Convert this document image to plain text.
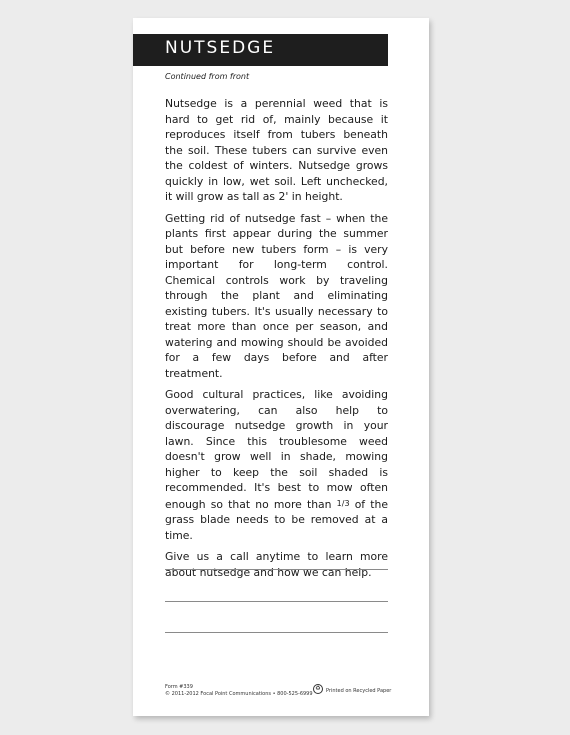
NUTSEDGE
Continued from front

Nutsedge is a perennial weed that is hard to get rid of, mainly because it reproduces itself from tubers beneath the soil. These tubers can survive even the coldest of winters. Nutsedge grows quickly in low, wet soil. Left unchecked, it will grow as tall as 2' in height.

Getting rid of nutsedge fast – when the plants first appear during the summer but before new tubers form – is very important for long-term control. Chemical controls work by traveling through the plant and eliminating existing tubers. It's usually necessary to treat more than once per season, and watering and mowing should be avoided for a few days before and after treatment.

Good cultural practices, like avoiding overwatering, can also help to discourage nutsedge growth in your lawn. Since this troublesome weed doesn't grow well in shade, mowing higher to keep the soil shaded is recommended. It's best to mow often enough so that no more than 1/3 of the grass blade needs to be removed at a time.

Give us a call anytime to learn more about nutsedge and how we can help.

Form #339
© 2011-2012 Focal Point Communications • 800-525-6999
♻	Printed on Recycled Paper
